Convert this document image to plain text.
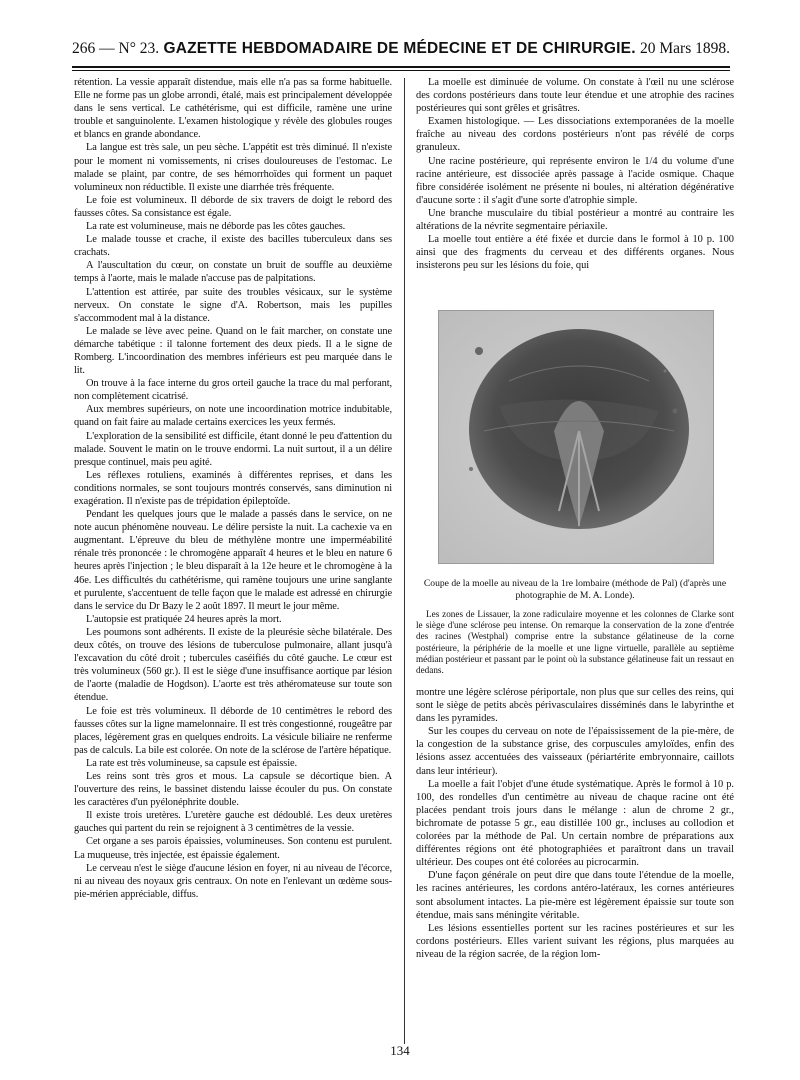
266 — N° 23. GAZETTE HEBDOMADAIRE DE MÉDECINE ET DE CHIRURGIE. 20 Mars 1898.

rétention. La vessie apparaît distendue, mais elle n'a pas sa forme habituelle. Elle ne forme pas un globe arrondi, étalé, mais est principalement développée dans le sens vertical. Le cathétérisme, qui est difficile, ramène une urine trouble et sanguinolente. L'examen histologique y révèle des globules rouges et blancs en grande abondance.

La langue est très sale, un peu sèche. L'appétit est très diminué. Il n'existe pour le moment ni vomissements, ni crises douloureuses de l'estomac. Le malade se plaint, par contre, de ses hémorrhoïdes qui forment un paquet volumineux non réductible. Il existe une diarrhée très fréquente.

Le foie est volumineux. Il déborde de six travers de doigt le rebord des fausses côtes. Sa consistance est égale.

La rate est volumineuse, mais ne déborde pas les côtes gauches.

Le malade tousse et crache, il existe des bacilles tuberculeux dans ses crachats.

A l'auscultation du cœur, on constate un bruit de souffle au deuxième temps à l'aorte, mais le malade n'accuse pas de palpitations.

L'attention est attirée, par suite des troubles vésicaux, sur le système nerveux. On constate le signe d'A. Robertson, mais les pupilles s'accommodent mal à la distance.

Le malade se lève avec peine. Quand on le fait marcher, on constate une démarche tabétique : il talonne fortement des deux pieds. Il a le signe de Romberg. L'incoordination des membres inférieurs est peu marquée dans le lit.

On trouve à la face interne du gros orteil gauche la trace du mal perforant, non complètement cicatrisé.

Aux membres supérieurs, on note une incoordination motrice indubitable, quand on fait faire au malade certains exercices les yeux fermés.

L'exploration de la sensibilité est difficile, étant donné le peu d'attention du malade. Souvent le matin on le trouve endormi. La nuit surtout, il a un délire presque continuel, mais peu agité.

Les réflexes rotuliens, examinés à différentes reprises, et dans les conditions normales, se sont toujours montrés conservés, sans diminution ni exagération. Il n'existe pas de trépidation épileptoïde.

Pendant les quelques jours que le malade a passés dans le service, on ne note aucun phénomène nouveau. Le délire persiste la nuit. La cachexie va en augmentant. L'épreuve du bleu de méthylène montre une imperméabilité rénale très prononcée : le chromogène apparaît 4 heures et le bleu en nature 6 heures après l'injection ; le bleu disparaît à la 12e heure et le chromogène à la 46e. Les difficultés du cathétérisme, qui ramène toujours une urine sanglante et purulente, s'accentuent de telle façon que le malade est adressé en chirurgie dans le service du Dr Bazy le 2 août 1897. Il meurt le jour même.

L'autopsie est pratiquée 24 heures après la mort.

Les poumons sont adhérents. Il existe de la pleurésie sèche bilatérale. Des deux côtés, on trouve des lésions de tuberculose pulmonaire, allant jusqu'à l'excavation du côté droit ; tubercules caséifiés du côté gauche. Le cœur est très volumineux (560 gr.). Il est le siège d'une insuffisance aortique par lésion de l'aorte (maladie de Hogdson). L'aorte est très athéromateuse sur toute son étendue.

Le foie est très volumineux. Il déborde de 10 centimètres le rebord des fausses côtes sur la ligne mamelonnaire. Il est très congestionné, rougeâtre par places, légèrement gras en quelques endroits. La vésicule biliaire ne renferme pas de calculs. La bile est colorée. On note de la sclérose de l'artère hépatique.

La rate est très volumineuse, sa capsule est épaissie.

Les reins sont très gros et mous. La capsule se décortique bien. A l'ouverture des reins, le bassinet distendu laisse écouler du pus. On constate les caractères d'un pyélonéphrite double.

Il existe trois uretères. L'uretère gauche est dédoublé. Les deux uretères gauches qui partent du rein se rejoignent à 3 centimètres de la vessie.

Cet organe a ses parois épaissies, volumineuses. Son contenu est purulent. La muqueuse, très injectée, est épaissie également.

Le cerveau n'est le siège d'aucune lésion en foyer, ni au niveau de l'écorce, ni au niveau des noyaux gris centraux. On note en l'enlevant un œdème sous-pie-mérien appréciable, diffus.

La moelle est diminuée de volume. On constate à l'œil nu une sclérose des cordons postérieurs dans toute leur étendue et une atrophie des racines postérieures qui sont grêles et grisâtres.

Examen histologique. — Les dissociations extemporanées de la moelle fraîche au niveau des cordons postérieurs n'ont pas révélé de corps granuleux.

Une racine postérieure, qui représente environ le 1/4 du volume d'une racine antérieure, est dissociée après passage à l'acide osmique. Chaque fibre considérée isolément ne présente ni boules, ni altération dégénérative d'aucune sorte : il s'agit d'une sorte d'atrophie simple.

Une branche musculaire du tibial postérieur a montré au contraire les altérations de la névrite segmentaire périaxile.

La moelle tout entière a été fixée et durcie dans le formol à 10 p. 100 ainsi que des fragments du cerveau et des différents organes. Nous insisterons peu sur les lésions du foie, qui

Coupe de la moelle au niveau de la 1re lombaire (méthode de Pal) (d'après une photographie de M. A. Londe).

Les zones de Lissauer, la zone radiculaire moyenne et les colonnes de Clarke sont le siège d'une sclérose peu intense. On remarque la conservation de la zone d'entrée des racines (Westphal) comprise entre la substance gélatineuse de la corne postérieure, la périphérie de la moelle et une ligne virtuelle, parallèle au septième médian postérieur et passant par le point où la substance gélatineuse fait un ressaut en dedans.

montre une légère sclérose périportale, non plus que sur celles des reins, qui sont le siège de petits abcès périvasculaires disséminés dans le labyrinthe et dans les pyramides.

Sur les coupes du cerveau on note de l'épaississement de la pie-mère, de la congestion de la substance grise, des corpuscules amyloïdes, enfin des lésions assez accentuées des vaisseaux (périartérite embryonnaire, caillots dans leur intérieur).

La moelle a fait l'objet d'une étude systématique. Après le formol à 10 p. 100, des rondelles d'un centimètre au niveau de chaque racine ont été placées pendant trois jours dans le mélange : alun de chrome 2 gr., bichromate de potasse 5 gr., eau distillée 100 gr., incluses au collodion et colorées par la méthode de Pal. Un certain nombre de préparations aux différentes régions ont été photographiées et paraîtront dans un travail ultérieur. Des coupes ont été colorées au picrocarmin.

D'une façon générale on peut dire que dans toute l'étendue de la moelle, les racines antérieures, les cordons antéro-latéraux, les cornes antérieures sont absolument intactes. La pie-mère est légèrement épaissie sur toute son étendue, mais sans méningite véritable.

Les lésions essentielles portent sur les racines postérieures et sur les cordons postérieurs. Elles varient suivant les régions, plus marquées au niveau de la région sacrée, de la région lom-

134
